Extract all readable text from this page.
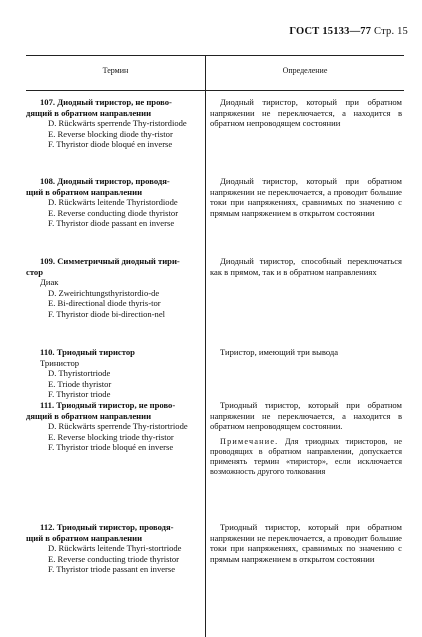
ГОСТ 15133—77 Стр. 15
Термин	Определение
107. Диодный тиристор, не прово-
дящий в обратном направлении
D. Rückwärts sperrende Thy-ristordiode
E. Reverse blocking diode thy-ristor
F. Thyristor diode bloqué en inverse
Диодный тиристор, который при обратном напряжении не переключается, а находится в обратном непроводящем состоянии
108. Диодный тиристор, проводя-
щий в обратном направлении
D. Rückwärts leitende Thyristordiode
E. Reverse conducting diode thyristor
F. Thyristor diode passant en inverse
Диодный тиристор, который при обратном напряжении не переключается, а проводит большие токи при напряжениях, сравнимых по значению с прямым напряжением в открытом состоянии
109. Симметричный диодный тири-
стор
Диак
D. Zweirichtungsthyristordio-de
E. Bi-directional diode thyris-tor
F. Thyristor diode bi-direction-nel
Диодный тиристор, способный переключаться как в прямом, так и в обратном направлениях
110. Триодный тиристор
Тринистор
D. Thyristortriode
E. Triode thyristor
F. Thyristor triode
Тиристор, имеющий три вывода
111. Триодный тиристор, не прово-
дящий в обратном направлении
D. Rückwärts sperrende Thy-ristortriode
E. Reverse blocking triode thy-ristor
F. Thyristor triode bloqué en inverse
Триодный тиристор, который при обратном напряжении не переключается, а находится в обратном непроводящем состоянии.
Примечание. Для триодных тиристоров, не проводящих в обратном направлении, допускается применять термин «тиристор», если исключается возможность другого толкования
112. Триодный тиристор, проводя-
щий в обратном направлении
D. Rückwärts leitende Thyri-stortriode
E. Reverse conducting triode thyristor
F. Thyristor triode passant en inverse
Триодный тиристор, который при обратном напряжении не переключается, а проводит большие токи при напряжениях, сравнимых по значению с прямым напряжением в открытом состоянии
